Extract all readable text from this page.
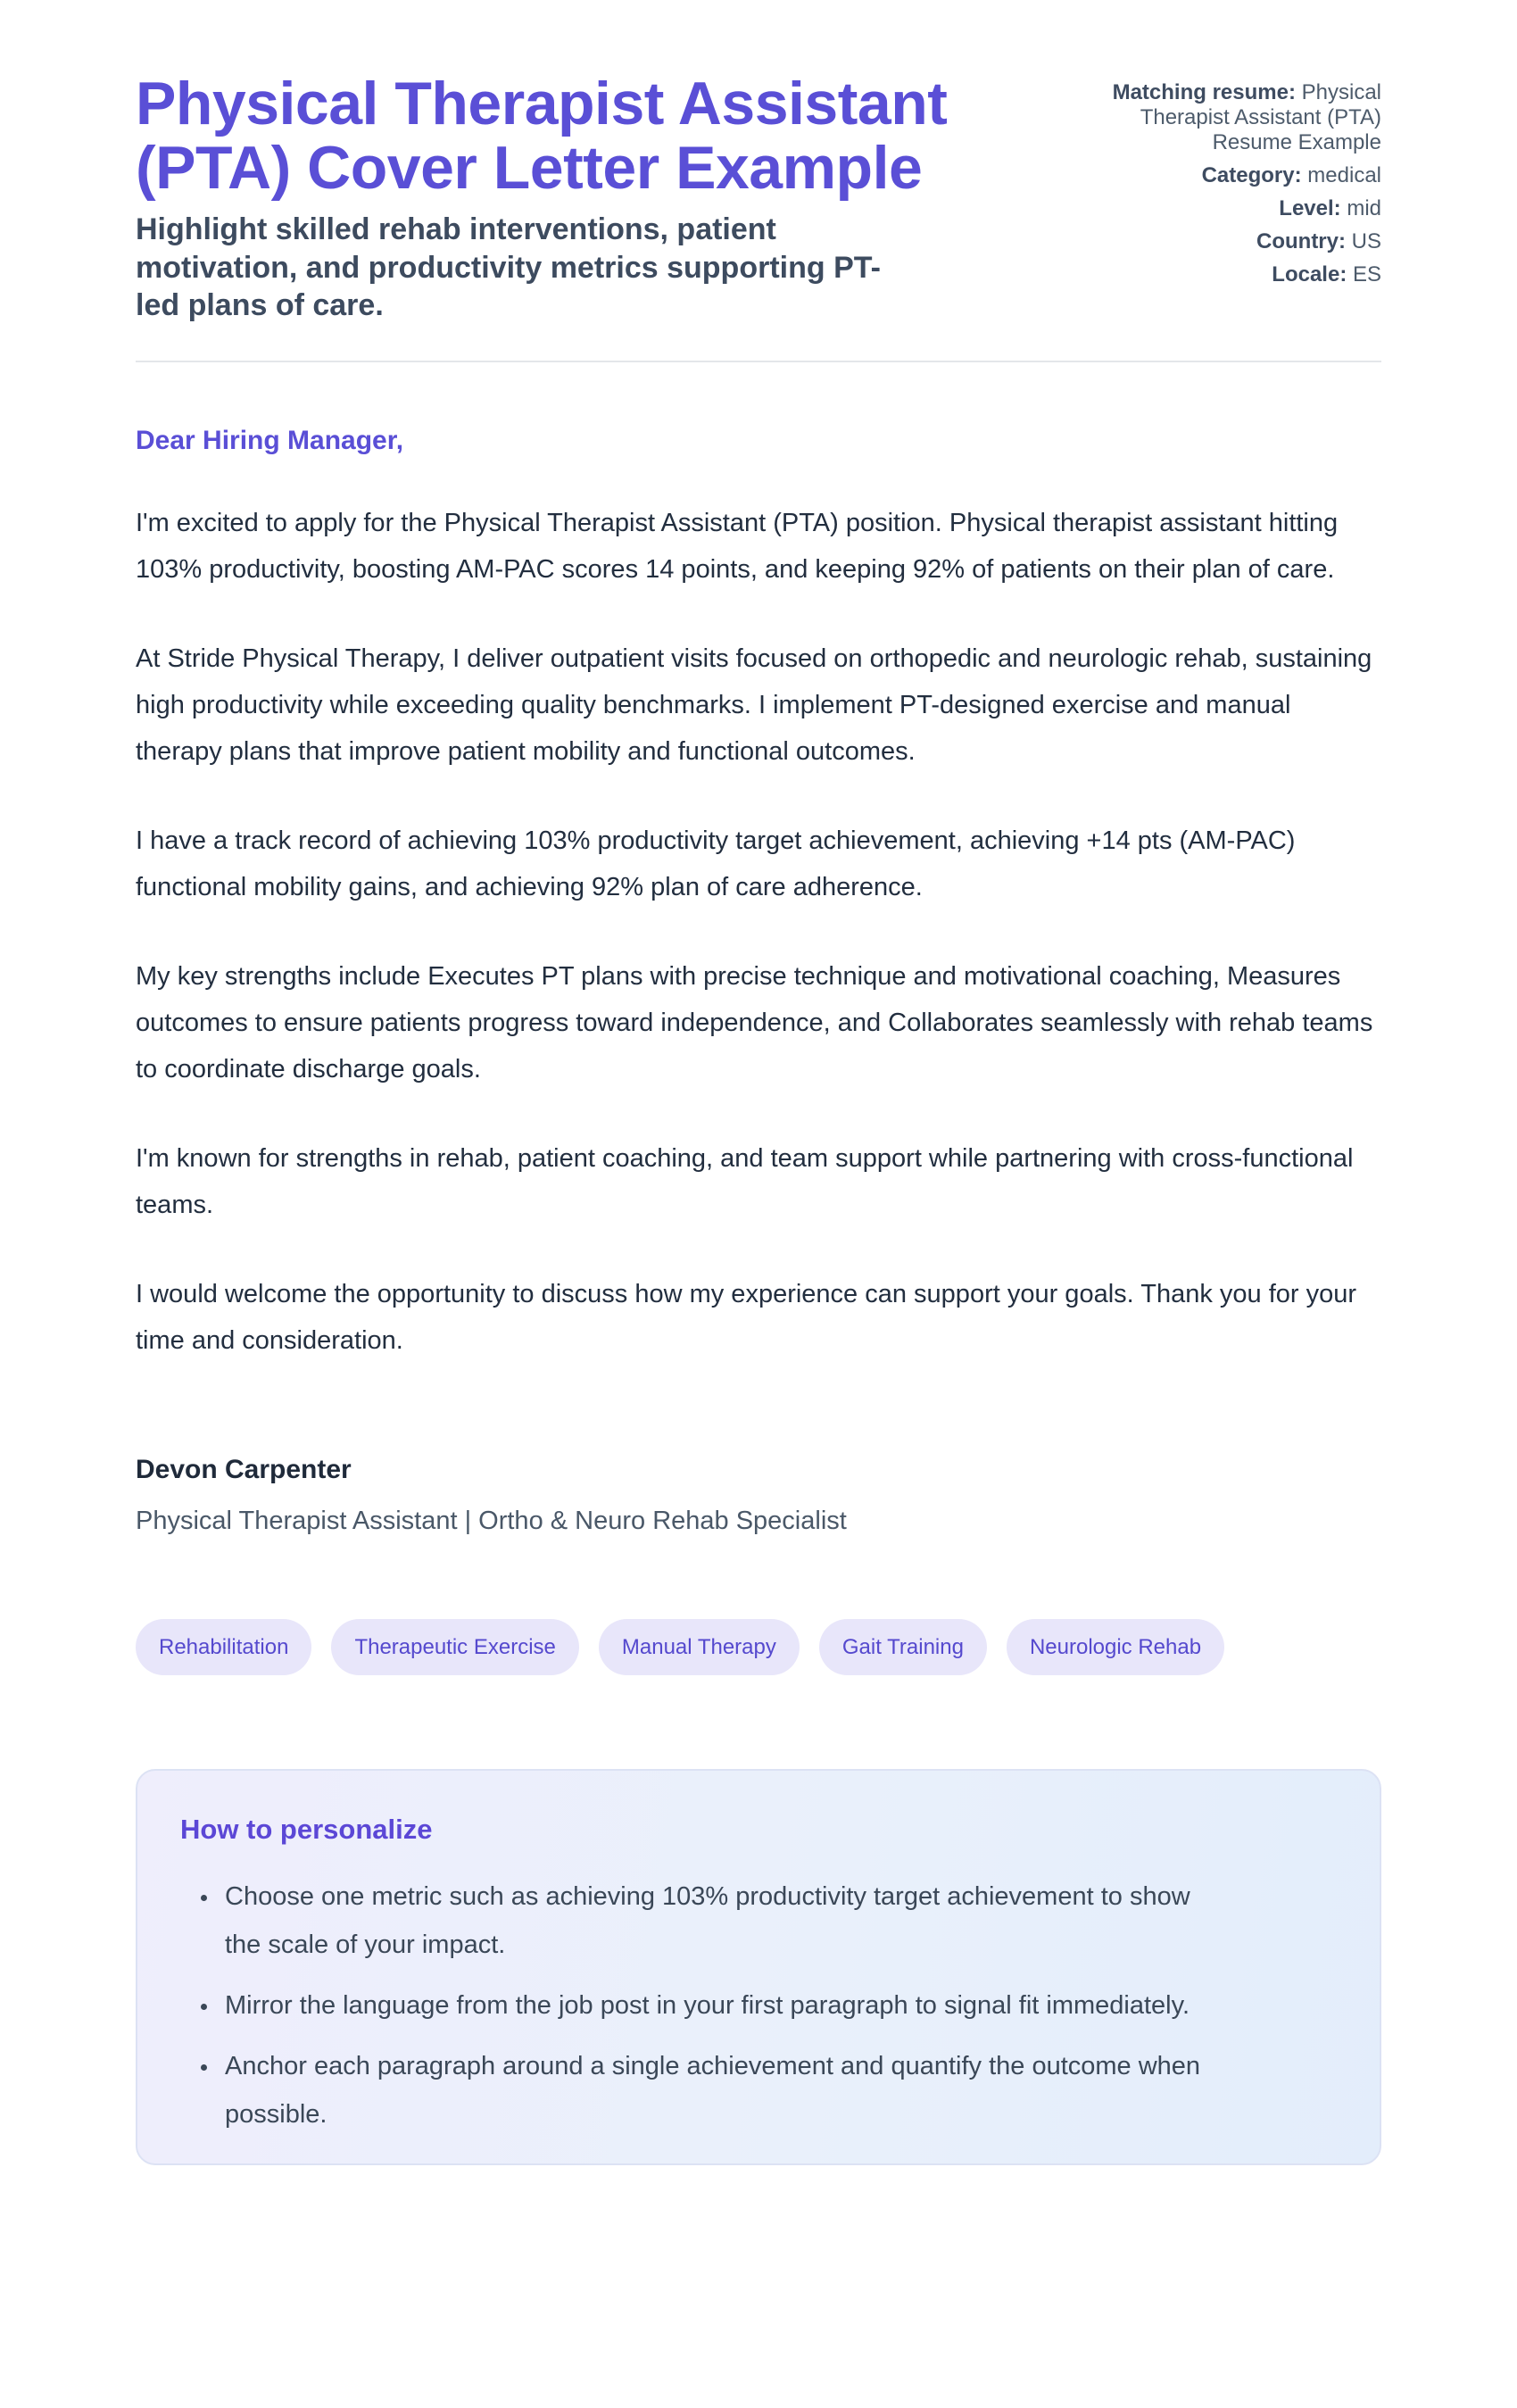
Physical Therapist Assistant (PTA) Cover Letter Example
Highlight skilled rehab interventions, patient motivation, and productivity metrics supporting PT-led plans of care.
Matching resume: Physical Therapist Assistant (PTA) Resume Example
Category: medical
Level: mid
Country: US
Locale: ES
Dear Hiring Manager,

I'm excited to apply for the Physical Therapist Assistant (PTA) position. Physical therapist assistant hitting 103% productivity, boosting AM-PAC scores 14 points, and keeping 92% of patients on their plan of care.

At Stride Physical Therapy, I deliver outpatient visits focused on orthopedic and neurologic rehab, sustaining high productivity while exceeding quality benchmarks. I implement PT-designed exercise and manual therapy plans that improve patient mobility and functional outcomes.

I have a track record of achieving 103% productivity target achievement, achieving +14 pts (AM-PAC) functional mobility gains, and achieving 92% plan of care adherence.

My key strengths include Executes PT plans with precise technique and motivational coaching, Measures outcomes to ensure patients progress toward independence, and Collaborates seamlessly with rehab teams to coordinate discharge goals.

I'm known for strengths in rehab, patient coaching, and team support while partnering with cross-functional teams.

I would welcome the opportunity to discuss how my experience can support your goals. Thank you for your time and consideration.

Devon Carpenter
Physical Therapist Assistant | Ortho & Neuro Rehab Specialist
Rehabilitation	Therapeutic Exercise	Manual Therapy	Gait Training	Neurologic Rehab
How to personalize
• Choose one metric such as achieving 103% productivity target achievement to show the scale of your impact.
• Mirror the language from the job post in your first paragraph to signal fit immediately.
• Anchor each paragraph around a single achievement and quantify the outcome when possible.
